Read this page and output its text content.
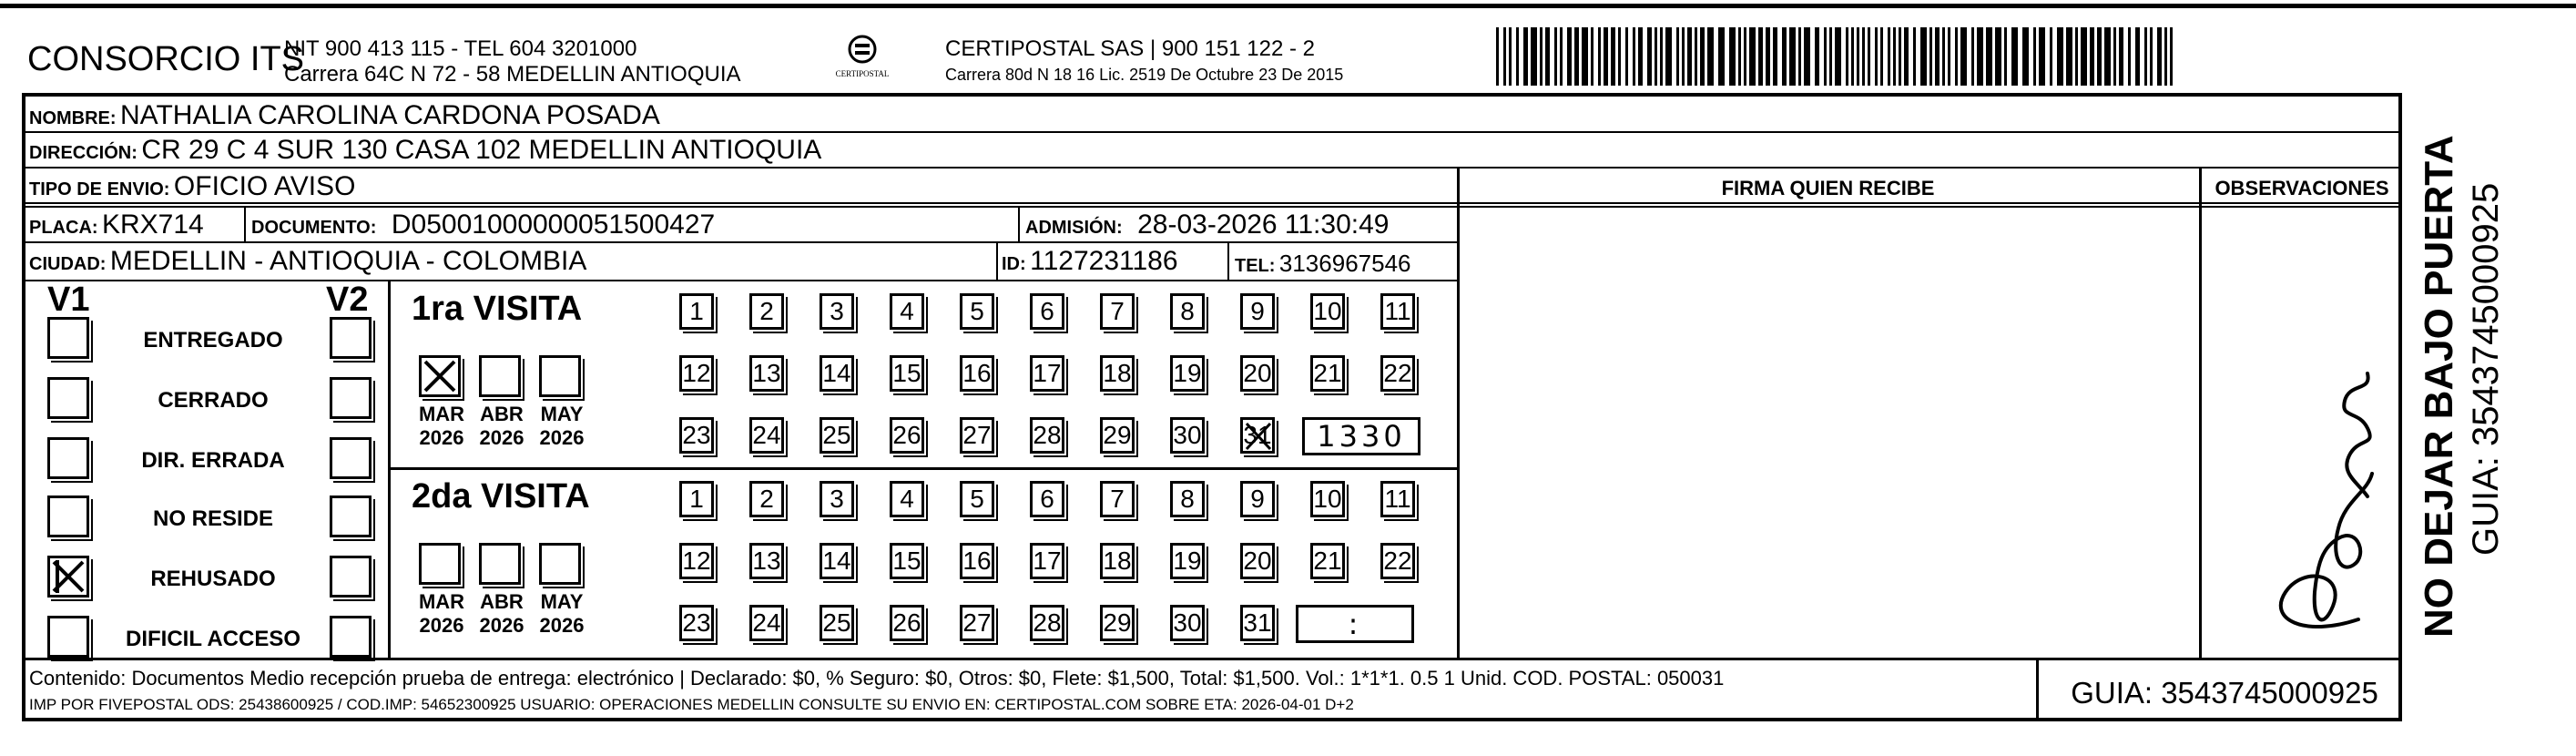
CONSORCIO ITS
NIT 900 413 115 - TEL 604 3201000
Carrera 64C N 72 - 58 MEDELLIN ANTIOQUIA	CERTIPOSTAL
CERTIPOSTAL SAS | 900 151 122 - 2
Carrera 80d N 18 16 Lic. 2519 De Octubre 23 De 2015
NOMBRE: NATHALIA CAROLINA CARDONA POSADA
DIRECCIÓN: CR 29 C 4 SUR 130 CASA 102 MEDELLIN ANTIOQUIA
TIPO DE ENVIO: OFICIO AVISO
PLACA: KRX714	DOCUMENTO: D05001000000051500427	ADMISIÓN: 28-03-2026 11:30:49
CIUDAD: MEDELLIN - ANTIOQUIA - COLOMBIA	ID: 1127231186	TEL: 3136967546
FIRMA QUIEN RECIBE	OBSERVACIONES
V1	V2
ENTREGADO
CERRADO
DIR. ERRADA
NO RESIDE
REHUSADO
DIFICIL ACCESO
1ra VISITA
MAR
2026
ABR
2026
MAY
2026
1	2	3	4	5	6	7	8	9	10 11
12 13 14 15 16 17 18 19 20 21 22
23 24 25 26 27 28 29 30 31	1330
2da VISITA
MAR
2026
ABR
2026
MAY
2026
1	2	3	4	5	6	7	8	9	10 11
12 13 14 15 16 17 18 19 20 21 22
23 24 25 26 27 28 29 30 31	:
Contenido: Documentos Medio recepción prueba de entrega: electrónico | Declarado: $0, % Seguro: $0, Otros: $0, Flete: $1,500, Total: $1,500. Vol.: 1*1*1. 0.5 1 Unid. COD. POSTAL: 050031
IMP POR FIVEPOSTAL ODS: 25438600925 / COD.IMP: 54652300925 USUARIO: OPERACIONES MEDELLIN CONSULTE SU ENVIO EN: CERTIPOSTAL.COM SOBRE ETA: 2026-04-01 D+2	GUIA: 3543745000925
NO DEJAR BAJO PUERTA GUIA: 3543745000925
